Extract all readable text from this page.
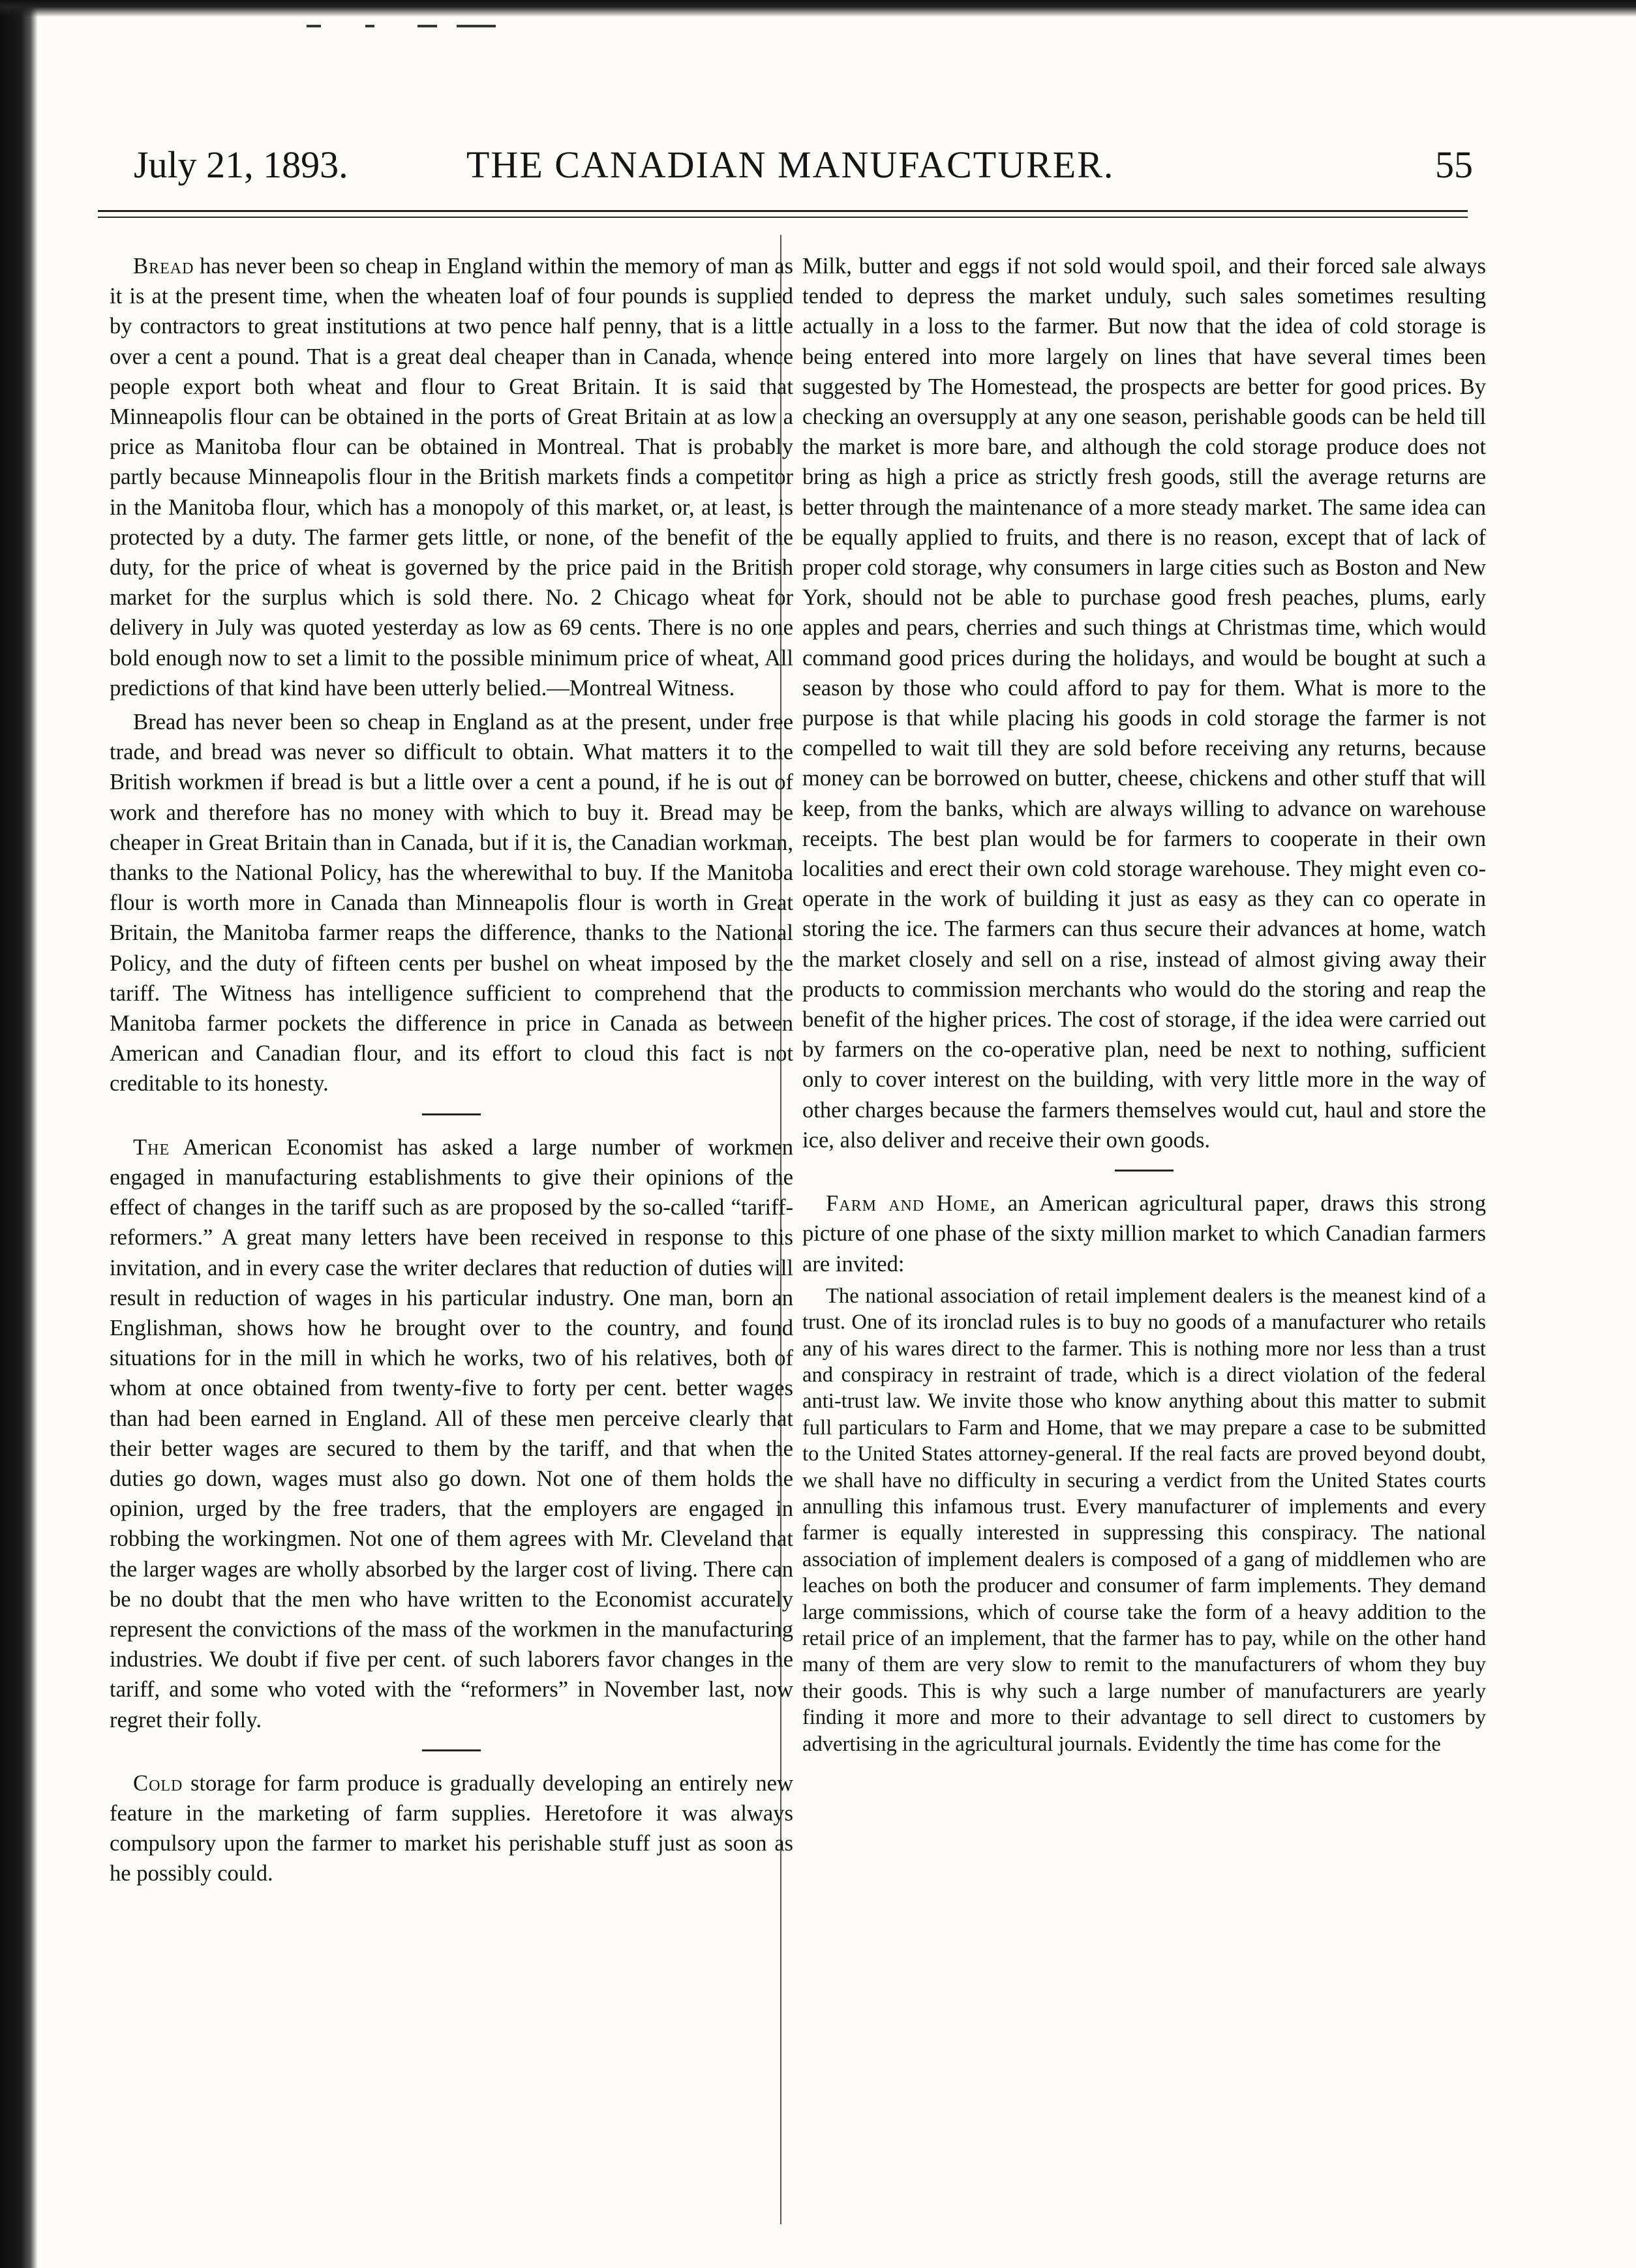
July 21, 1893.	THE CANADIAN MANUFACTURER.	55

Bread has never been so cheap in England within the memory of man as it is at the present time, when the wheaten loaf of four pounds is supplied by contractors to great institutions at two pence half penny, that is a little over a cent a pound. That is a great deal cheaper than in Canada, whence people export both wheat and flour to Great Britain. It is said that Minneapolis flour can be obtained in the ports of Great Britain at as low a price as Manitoba flour can be obtained in Montreal. That is probably partly because Minneapolis flour in the British markets finds a competitor in the Manitoba flour, which has a monopoly of this market, or, at least, is protected by a duty. The farmer gets little, or none, of the benefit of the duty, for the price of wheat is governed by the price paid in the British market for the surplus which is sold there. No. 2 Chicago wheat for delivery in July was quoted yesterday as low as 69 cents. There is no one bold enough now to set a limit to the possible minimum price of wheat, All predictions of that kind have been utterly belied.—Montreal Witness.

Bread has never been so cheap in England as at the present, under free trade, and bread was never so difficult to obtain. What matters it to the British workmen if bread is but a little over a cent a pound, if he is out of work and therefore has no money with which to buy it. Bread may be cheaper in Great Britain than in Canada, but if it is, the Canadian workman, thanks to the National Policy, has the wherewithal to buy. If the Manitoba flour is worth more in Canada than Minneapolis flour is worth in Great Britain, the Manitoba farmer reaps the difference, thanks to the National Policy, and the duty of fifteen cents per bushel on wheat imposed by the tariff. The Witness has intelligence sufficient to comprehend that the Manitoba farmer pockets the difference in price in Canada as between American and Canadian flour, and its effort to cloud this fact is not creditable to its honesty.

The American Economist has asked a large number of workmen engaged in manufacturing establishments to give their opinions of the effect of changes in the tariff such as are proposed by the so-called “tariff-reformers.” A great many letters have been received in response to this invitation, and in every case the writer declares that reduction of duties will result in reduction of wages in his particular industry. One man, born an Englishman, shows how he brought over to the country, and found situations for in the mill in which he works, two of his relatives, both of whom at once obtained from twenty-five to forty per cent. better wages than had been earned in England. All of these men perceive clearly that their better wages are secured to them by the tariff, and that when the duties go down, wages must also go down. Not one of them holds the opinion, urged by the free traders, that the employers are engaged in robbing the workingmen. Not one of them agrees with Mr. Cleveland that the larger wages are wholly absorbed by the larger cost of living. There can be no doubt that the men who have written to the Economist accurately represent the convictions of the mass of the workmen in the manufacturing industries. We doubt if five per cent. of such laborers favor changes in the tariff, and some who voted with the “reformers” in November last, now regret their folly.

Cold storage for farm produce is gradually developing an entirely new feature in the marketing of farm supplies. Heretofore it was always compulsory upon the farmer to market his perishable stuff just as soon as he possibly could.

Milk, butter and eggs if not sold would spoil, and their forced sale always tended to depress the market unduly, such sales sometimes resulting actually in a loss to the farmer. But now that the idea of cold storage is being entered into more largely on lines that have several times been suggested by The Homestead, the prospects are better for good prices. By checking an oversupply at any one season, perishable goods can be held till the market is more bare, and although the cold storage produce does not bring as high a price as strictly fresh goods, still the average returns are better through the maintenance of a more steady market. The same idea can be equally applied to fruits, and there is no reason, except that of lack of proper cold storage, why consumers in large cities such as Boston and New York, should not be able to purchase good fresh peaches, plums, early apples and pears, cherries and such things at Christmas time, which would command good prices during the holidays, and would be bought at such a season by those who could afford to pay for them. What is more to the purpose is that while placing his goods in cold storage the farmer is not compelled to wait till they are sold before receiving any returns, because money can be borrowed on butter, cheese, chickens and other stuff that will keep, from the banks, which are always willing to advance on warehouse receipts. The best plan would be for farmers to cooperate in their own localities and erect their own cold storage warehouse. They might even co-operate in the work of building it just as easy as they can co operate in storing the ice. The farmers can thus secure their advances at home, watch the market closely and sell on a rise, instead of almost giving away their products to commission merchants who would do the storing and reap the benefit of the higher prices. The cost of storage, if the idea were carried out by farmers on the co-operative plan, need be next to nothing, sufficient only to cover interest on the building, with very little more in the way of other charges because the farmers themselves would cut, haul and store the ice, also deliver and receive their own goods.

Farm and Home, an American agricultural paper, draws this strong picture of one phase of the sixty million market to which Canadian farmers are invited:

The national association of retail implement dealers is the meanest kind of a trust. One of its ironclad rules is to buy no goods of a manufacturer who retails any of his wares direct to the farmer. This is nothing more nor less than a trust and conspiracy in restraint of trade, which is a direct violation of the federal anti-trust law. We invite those who know anything about this matter to submit full particulars to Farm and Home, that we may prepare a case to be submitted to the United States attorney-general. If the real facts are proved beyond doubt, we shall have no difficulty in securing a verdict from the United States courts annulling this infamous trust. Every manufacturer of implements and every farmer is equally interested in suppressing this conspiracy. The national association of implement dealers is composed of a gang of middlemen who are leaches on both the producer and consumer of farm implements. They demand large commissions, which of course take the form of a heavy addition to the retail price of an implement, that the farmer has to pay, while on the other hand many of them are very slow to remit to the manufacturers of whom they buy their goods. This is why such a large number of manufacturers are yearly finding it more and more to their advantage to sell direct to customers by advertising in the agricultural journals. Evidently the time has come for the
